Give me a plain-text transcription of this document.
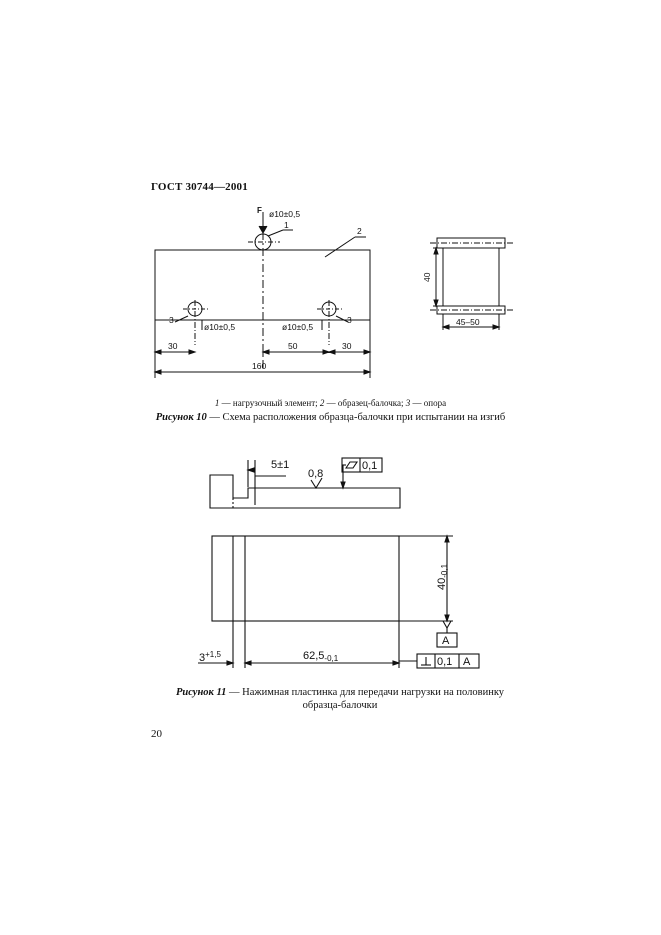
ГОСТ 30744—2001
F ø10±0,5
1
2
3	3
ø10±0,5	ø10±0,5
30	50	30
160
40
45–50
1 — нагрузочный элемент; 2 — образец-балочка; 3 — опора
Рисунок 10 — Схема расположения образца-балочки при испытании на изгиб
5±1
0,8
0,1
40-0,1
A
$3^{+1,5}$	62,5-0,1	0,1 A
Рисунок 11 — Нажимная пластинка для передачи нагрузки на половинку
образца-балочки
20
